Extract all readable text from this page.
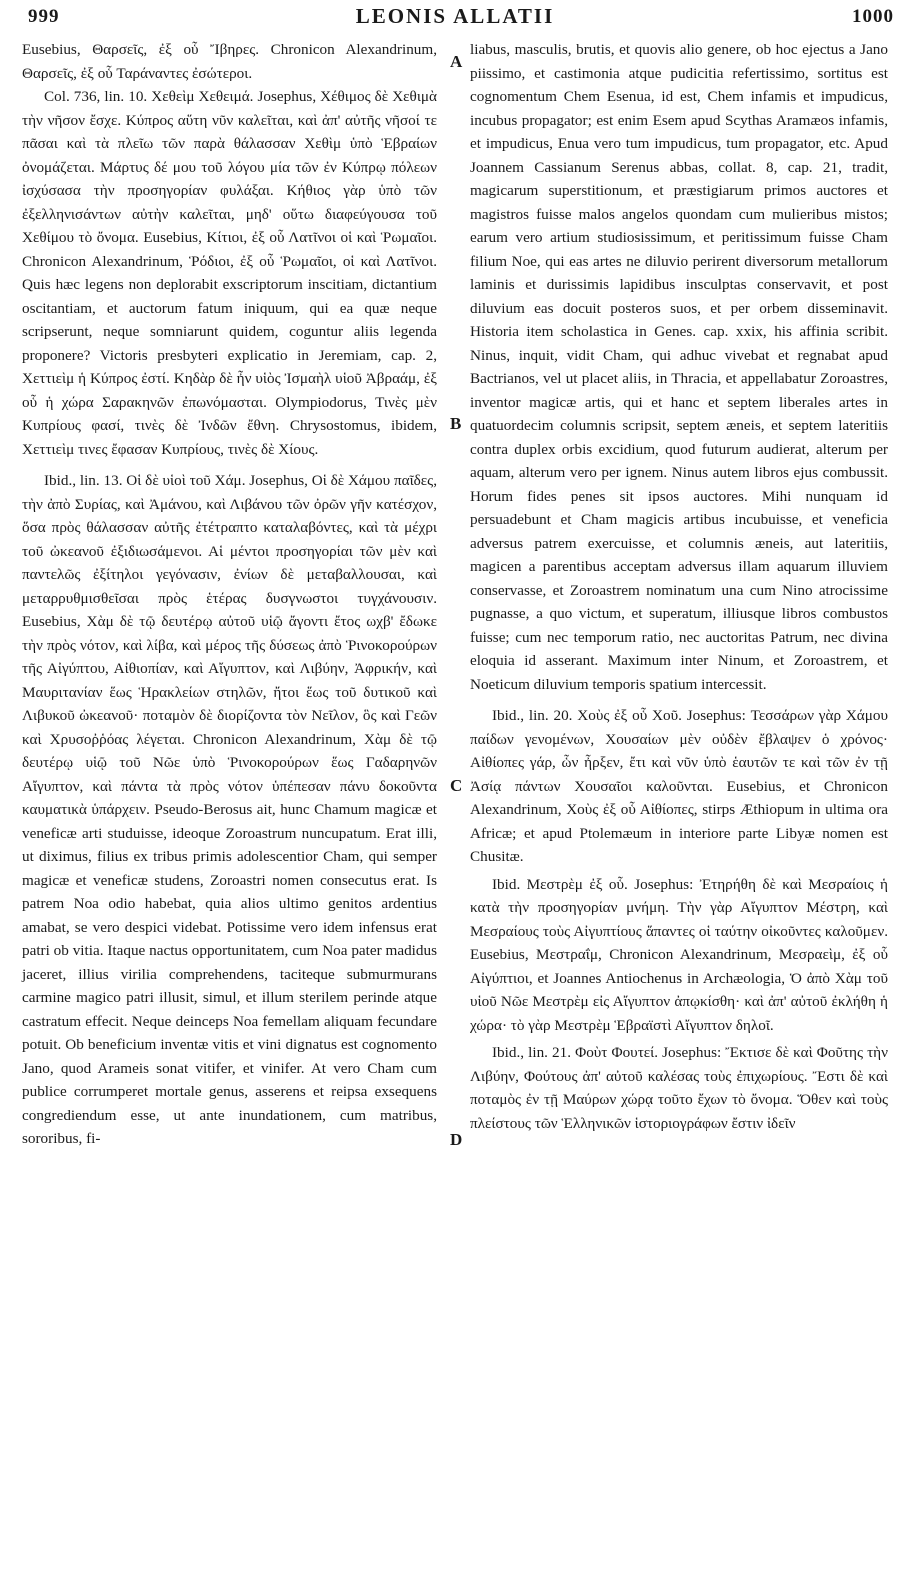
999	LEONIS ALLATII	1000
A
B
C
D

Eusebius, Θαρσεῖς, ἐξ οὗ Ἴβηρες. Chronicon Alexandrinum, Θαρσεῖς, ἐξ οὗ Ταράναντες ἐσώτεροι.

Col. 736, lin. 10. Χεθεὶμ Χεθειμά. Josephus, Χέθιμος δὲ Χεθιμὰ τὴν νῆσον ἔσχε. Κύπρος αὕτη νῦν καλεῖται, καὶ ἀπ' αὐτῆς νῆσοί τε πᾶσαι καὶ τὰ πλεῖω τῶν παρὰ θάλασσαν Χεθὶμ ὑπὸ Ἑβραίων ὀνομάζεται. Μάρτυς δέ μου τοῦ λόγου μία τῶν ἐν Κύπρῳ πόλεων ἰσχύσασα τὴν προσηγορίαν φυλάξαι. Κήθιος γὰρ ὑπὸ τῶν ἐξελληνισάντων αὐτὴν καλεῖται, μηδ' οὕτω διαφεύγουσα τοῦ Χεθίμου τὸ ὄνομα. Eusebius, Κίτιοι, ἐξ οὗ Λατῖνοι οἱ καὶ Ῥωμαῖοι. Chronicon Alexandrinum, Ῥόδιοι, ἐξ οὗ Ῥωμαῖοι, οἱ καὶ Λατῖνοι. Quis hæc legens non deplorabit exscriptorum inscitiam, dictantium oscitantiam, et auctorum fatum iniquum, qui ea quæ neque scripserunt, neque somniarunt quidem, coguntur aliis legenda proponere? Victoris presbyteri explicatio in Jeremiam, cap. 2, Χεττιεὶμ ἡ Κύπρος ἐστί. Κηδὰρ δὲ ἦν υἱὸς Ἰσμαὴλ υἱοῦ Ἀβραάμ, ἐξ οὗ ἡ χώρα Σαρακηνῶν ἐπωνόμασται. Olympiodorus, Τινὲς μὲν Κυπρίους φασί, τινὲς δὲ Ἰνδῶν ἔθνη. Chrysostomus, ibidem, Χεττιεὶμ τινες ἔφασαν Κυπρίους, τινὲς δὲ Χίους.

Ibid., lin. 13. Οἱ δὲ υἱοὶ τοῦ Χάμ. Josephus, Οἱ δὲ Χάμου παῖδες, τὴν ἀπὸ Συρίας, καὶ Ἀμάνου, καὶ Λιβάνου τῶν ὀρῶν γῆν κατέσχον, ὅσα πρὸς θάλασσαν αὐτῆς ἐτέτραπτο καταλαβόντες, καὶ τὰ μέχρι τοῦ ὠκεανοῦ ἐξιδιωσάμενοι. Αἱ μέντοι προσηγορίαι τῶν μὲν καὶ παντελῶς ἐξίτηλοι γεγόνασιν, ἐνίων δὲ μεταβαλλουσαι, καὶ μεταρρυθμισθεῖσαι πρὸς ἑτέρας δυσγνωστοι τυγχάνουσιν. Eusebius, Χὰμ δὲ τῷ δευτέρῳ αὐτοῦ υἱῷ ἄγοντι ἔτος ωχβ' ἔδωκε τὴν πρὸς νότον, καὶ λίβα, καὶ μέρος τῆς δύσεως ἀπὸ Ῥινοκορούρων τῆς Αἰγύπτου, Αἰθιοπίαν, καὶ Αἴγυπτον, καὶ Λιβύην, Ἀφρικήν, καὶ Μαυριτανίαν ἕως Ἡρακλείων στηλῶν, ἤτοι ἕως τοῦ δυτικοῦ καὶ Λιβυκοῦ ὠκεανοῦ· ποταμὸν δὲ διορίζοντα τὸν Νεῖλον, ὃς καὶ Γεῶν καὶ Χρυσοῤῥόας λέγεται. Chronicon Alexandrinum, Χὰμ δὲ τῷ δευτέρῳ υἱῷ τοῦ Νῶε ὑπὸ Ῥινοκορούρων ἕως Γαδαρηνῶν Αἴγυπτον, καὶ πάντα τὰ πρὸς νότον ὑπέπεσαν πάνυ δοκοῦντα καυματικὰ ὑπάρχειν. Pseudo-Berosus ait, hunc Chamum magicæ et veneficæ arti studuisse, ideoque Zoroastrum nuncupatum. Erat illi, ut diximus, filius ex tribus primis adolescentior Cham, qui semper magicæ et veneficæ studens, Zoroastri nomen consecutus erat. Is patrem Noa odio habebat, quia alios ultimo genitos ardentius amabat, se vero despici videbat. Potissime vero idem infensus erat patri ob vitia. Itaque nactus opportunitatem, cum Noa pater madidus jaceret, illius virilia comprehendens, taciteque submurmurans carmine magico patri illusit, simul, et illum sterilem perinde atque castratum effecit. Neque deinceps Noa femellam aliquam fecundare potuit. Ob beneficium inventæ vitis et vini dignatus est cognomento Jano, quod Arameis sonat vitifer, et vinifer. At vero Cham cum publice corrumperet mortale genus, asserens et reipsa exsequens congrediendum esse, ut ante inundationem, cum matribus, sororibus, fi-

liabus, masculis, brutis, et quovis alio genere, ob hoc ejectus a Jano piissimo, et castimonia atque pudicitia refertissimo, sortitus est cognomentum Chem Esenua, id est, Chem infamis et impudicus, incubus propagator; est enim Esem apud Scythas Aramæos infamis, et impudicus, Enua vero tum impudicus, tum propagator, etc. Apud Joannem Cassianum Serenus abbas, collat. 8, cap. 21, tradit, magicarum superstitionum, et præstigiarum primos auctores et magistros fuisse malos angelos quondam cum mulieribus mistos; earum vero artium studiosissimum, et peritissimum fuisse Cham filium Noe, qui eas artes ne diluvio perirent diversorum metallorum laminis et durissimis lapidibus insculptas conservavit, et post diluvium eas docuit posteros suos, et per orbem disseminavit. Historia item scholastica in Genes. cap. xxix, his affinia scribit. Ninus, inquit, vidit Cham, qui adhuc vivebat et regnabat apud Bactrianos, vel ut placet aliis, in Thracia, et appellabatur Zoroastres, inventor magicæ artis, qui et hanc et septem liberales artes in quatuordecim columnis scripsit, septem æneis, et septem lateritiis contra duplex orbis excidium, quod futurum audierat, alterum per aquam, alterum vero per ignem. Ninus autem libros ejus combussit. Horum fides penes sit ipsos auctores. Mihi nunquam id persuadebunt et Cham magicis artibus incubuisse, et veneficia adversus patrem exercuisse, et columnis æneis, aut lateritiis, magicen a parentibus acceptam adversus illam aquarum illuviem conservasse, et Zoroastrem nominatum una cum Nino atrocissime pugnasse, a quo victum, et superatum, illiusque libros combustos fuisse; cum nec temporum ratio, nec auctoritas Patrum, nec divina eloquia id asserant. Maximum inter Ninum, et Zoroastrem, et Noeticum diluvium temporis spatium intercessit.

Ibid., lin. 20. Χοὺς ἐξ οὗ Χοῦ. Josephus: Τεσσάρων γὰρ Χάμου παίδων γενομένων, Χουσαίων μὲν οὐδὲν ἔβλαψεν ὁ χρόνος· Αἰθίοπες γάρ, ὧν ἦρξεν, ἔτι καὶ νῦν ὑπὸ ἑαυτῶν τε καὶ τῶν ἐν τῇ Ἀσίᾳ πάντων Χουσαῖοι καλοῦνται. Eusebius, et Chronicon Alexandrinum, Χοὺς ἐξ οὗ Αἰθίοπες, stirps Æthiopum in ultima ora Africæ; et apud Ptolemæum in interiore parte Libyæ nomen est Chusitæ.

Ibid. Μεστρὲμ ἐξ οὗ. Josephus: Ἐτηρήθη δὲ καὶ Μεσραίοις ἡ κατὰ τὴν προσηγορίαν μνήμη. Τὴν γὰρ Αἴγυπτον Μέστρη, καὶ Μεσραίους τοὺς Αἰγυπτίους ἅπαντες οἱ ταύτην οἰκοῦντες καλοῦμεν. Eusebius, Μεστραΐμ, Chronicon Alexandrinum, Μεσραεὶμ, ἐξ οὗ Αἰγύπτιοι, et Joannes Antiochenus in Archæologia, Ὁ ἀπὸ Χὰμ τοῦ υἱοῦ Νῶε Μεστρὲμ εἰς Αἴγυπτον ἀπῳκίσθη· καὶ ἀπ' αὐτοῦ ἐκλήθη ἡ χώρα· τὸ γὰρ Μεστρὲμ Ἑβραϊστὶ Αἴγυπτον δηλοῖ.

Ibid., lin. 21. Φοὺτ Φουτεί. Josephus: Ἔκτισε δὲ καὶ Φοῦτης τὴν Λιβύην, Φούτους ἀπ' αὐτοῦ καλέσας τοὺς ἐπιχωρίους. Ἔστι δὲ καὶ ποταμὸς ἐν τῇ Μαύρων χώρᾳ τοῦτο ἔχων τὸ ὄνομα. Ὅθεν καὶ τοὺς πλείστους τῶν Ἑλληνικῶν ἱστοριογράφων ἔστιν ἰδεῖν
